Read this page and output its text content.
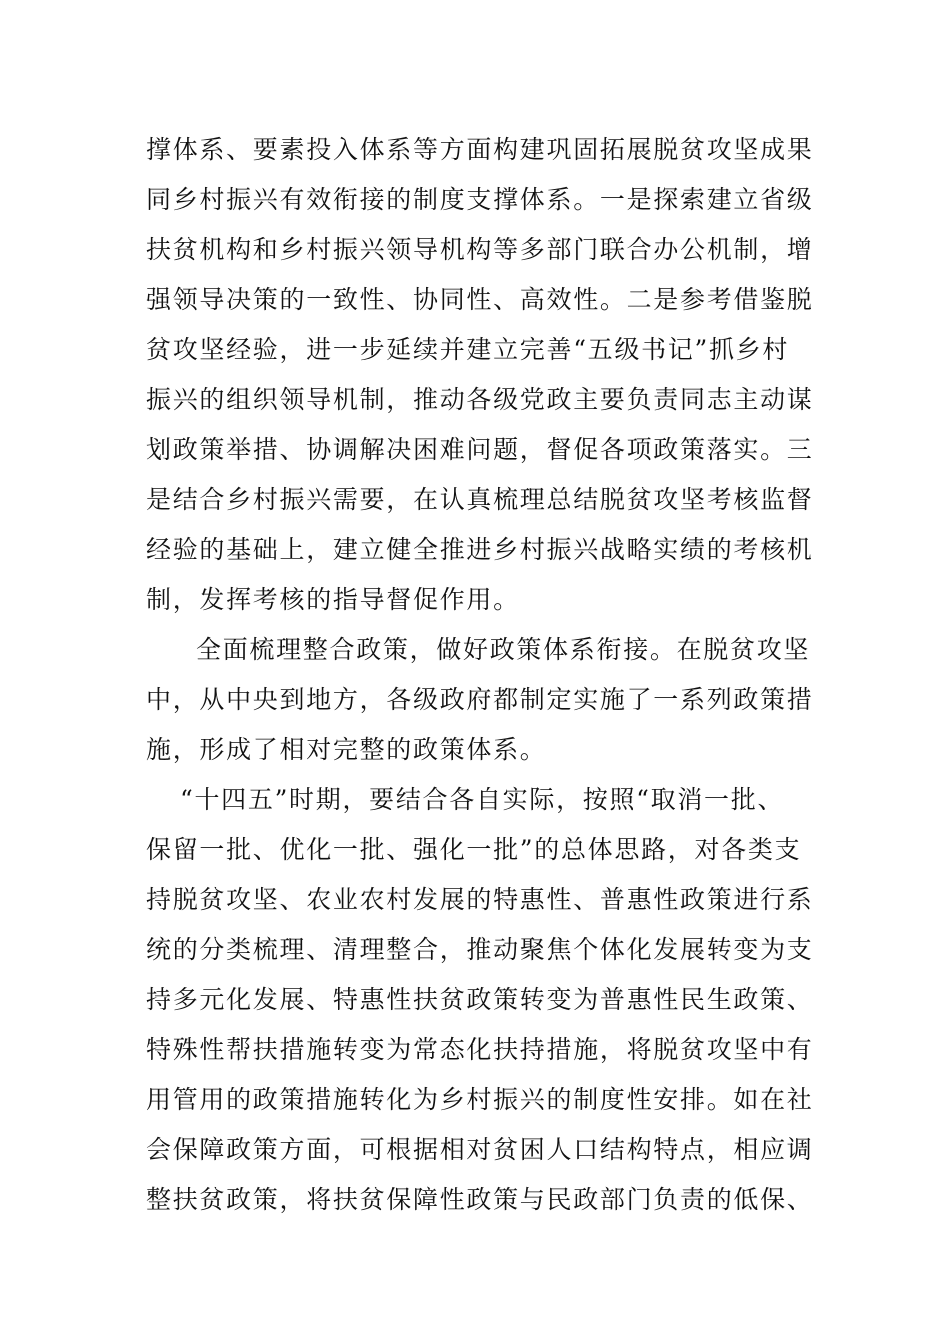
撑体系、要素投入体系等方面构建巩固拓展脱贫攻坚成果
同乡村振兴有效衔接的制度支撑体系。一是探索建立省级
扶贫机构和乡村振兴领导机构等多部门联合办公机制，增
强领导决策的一致性、协同性、高效性。二是参考借鉴脱
贫攻坚经验，进一步延续并建立完善“五级书记”抓乡村
振兴的组织领导机制，推动各级党政主要负责同志主动谋
划政策举措、协调解决困难问题，督促各项政策落实。三
是结合乡村振兴需要，在认真梳理总结脱贫攻坚考核监督
经验的基础上，建立健全推进乡村振兴战略实绩的考核机
制，发挥考核的指导督促作用。
全面梳理整合政策，做好政策体系衔接。在脱贫攻坚
中，从中央到地方，各级政府都制定实施了一系列政策措
施，形成了相对完整的政策体系。
“十四五”时期，要结合各自实际，按照“取消一批、
保留一批、优化一批、强化一批”的总体思路，对各类支
持脱贫攻坚、农业农村发展的特惠性、普惠性政策进行系
统的分类梳理、清理整合，推动聚焦个体化发展转变为支
持多元化发展、特惠性扶贫政策转变为普惠性民生政策、
特殊性帮扶措施转变为常态化扶持措施，将脱贫攻坚中有
用管用的政策措施转化为乡村振兴的制度性安排。如在社
会保障政策方面，可根据相对贫困人口结构特点，相应调
整扶贫政策，将扶贫保障性政策与民政部门负责的低保、
